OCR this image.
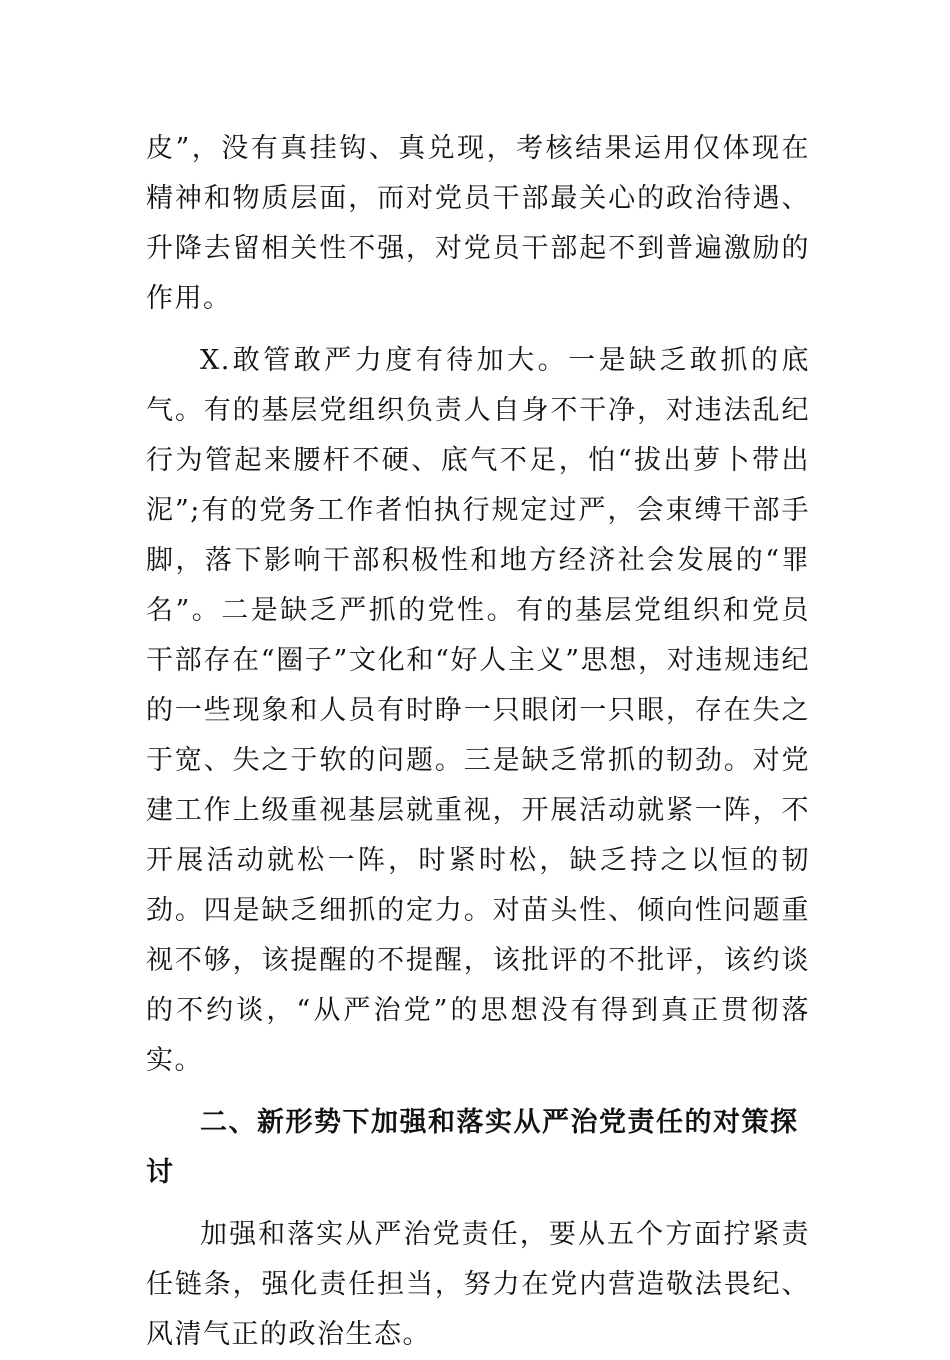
皮”，没有真挂钩、真兑现，考核结果运用仅体现在精神和物质层面，而对党员干部最关心的政治待遇、升降去留相关性不强，对党员干部起不到普遍激励的作用。

X.敢管敢严力度有待加大。一是缺乏敢抓的底气。有的基层党组织负责人自身不干净，对违法乱纪行为管起来腰杆不硬、底气不足，怕“拔出萝卜带出泥”;有的党务工作者怕执行规定过严，会束缚干部手脚，落下影响干部积极性和地方经济社会发展的“罪名”。二是缺乏严抓的党性。有的基层党组织和党员干部存在“圈子”文化和“好人主义”思想，对违规违纪的一些现象和人员有时睁一只眼闭一只眼，存在失之于宽、失之于软的问题。三是缺乏常抓的韧劲。对党建工作上级重视基层就重视，开展活动就紧一阵，不开展活动就松一阵，时紧时松，缺乏持之以恒的韧劲。四是缺乏细抓的定力。对苗头性、倾向性问题重视不够，该提醒的不提醒，该批评的不批评，该约谈的不约谈，“从严治党”的思想没有得到真正贯彻落实。

二、新形势下加强和落实从严治党责任的对策探讨

加强和落实从严治党责任，要从五个方面拧紧责任链条，强化责任担当，努力在党内营造敬法畏纪、风清气正的政治生态。
